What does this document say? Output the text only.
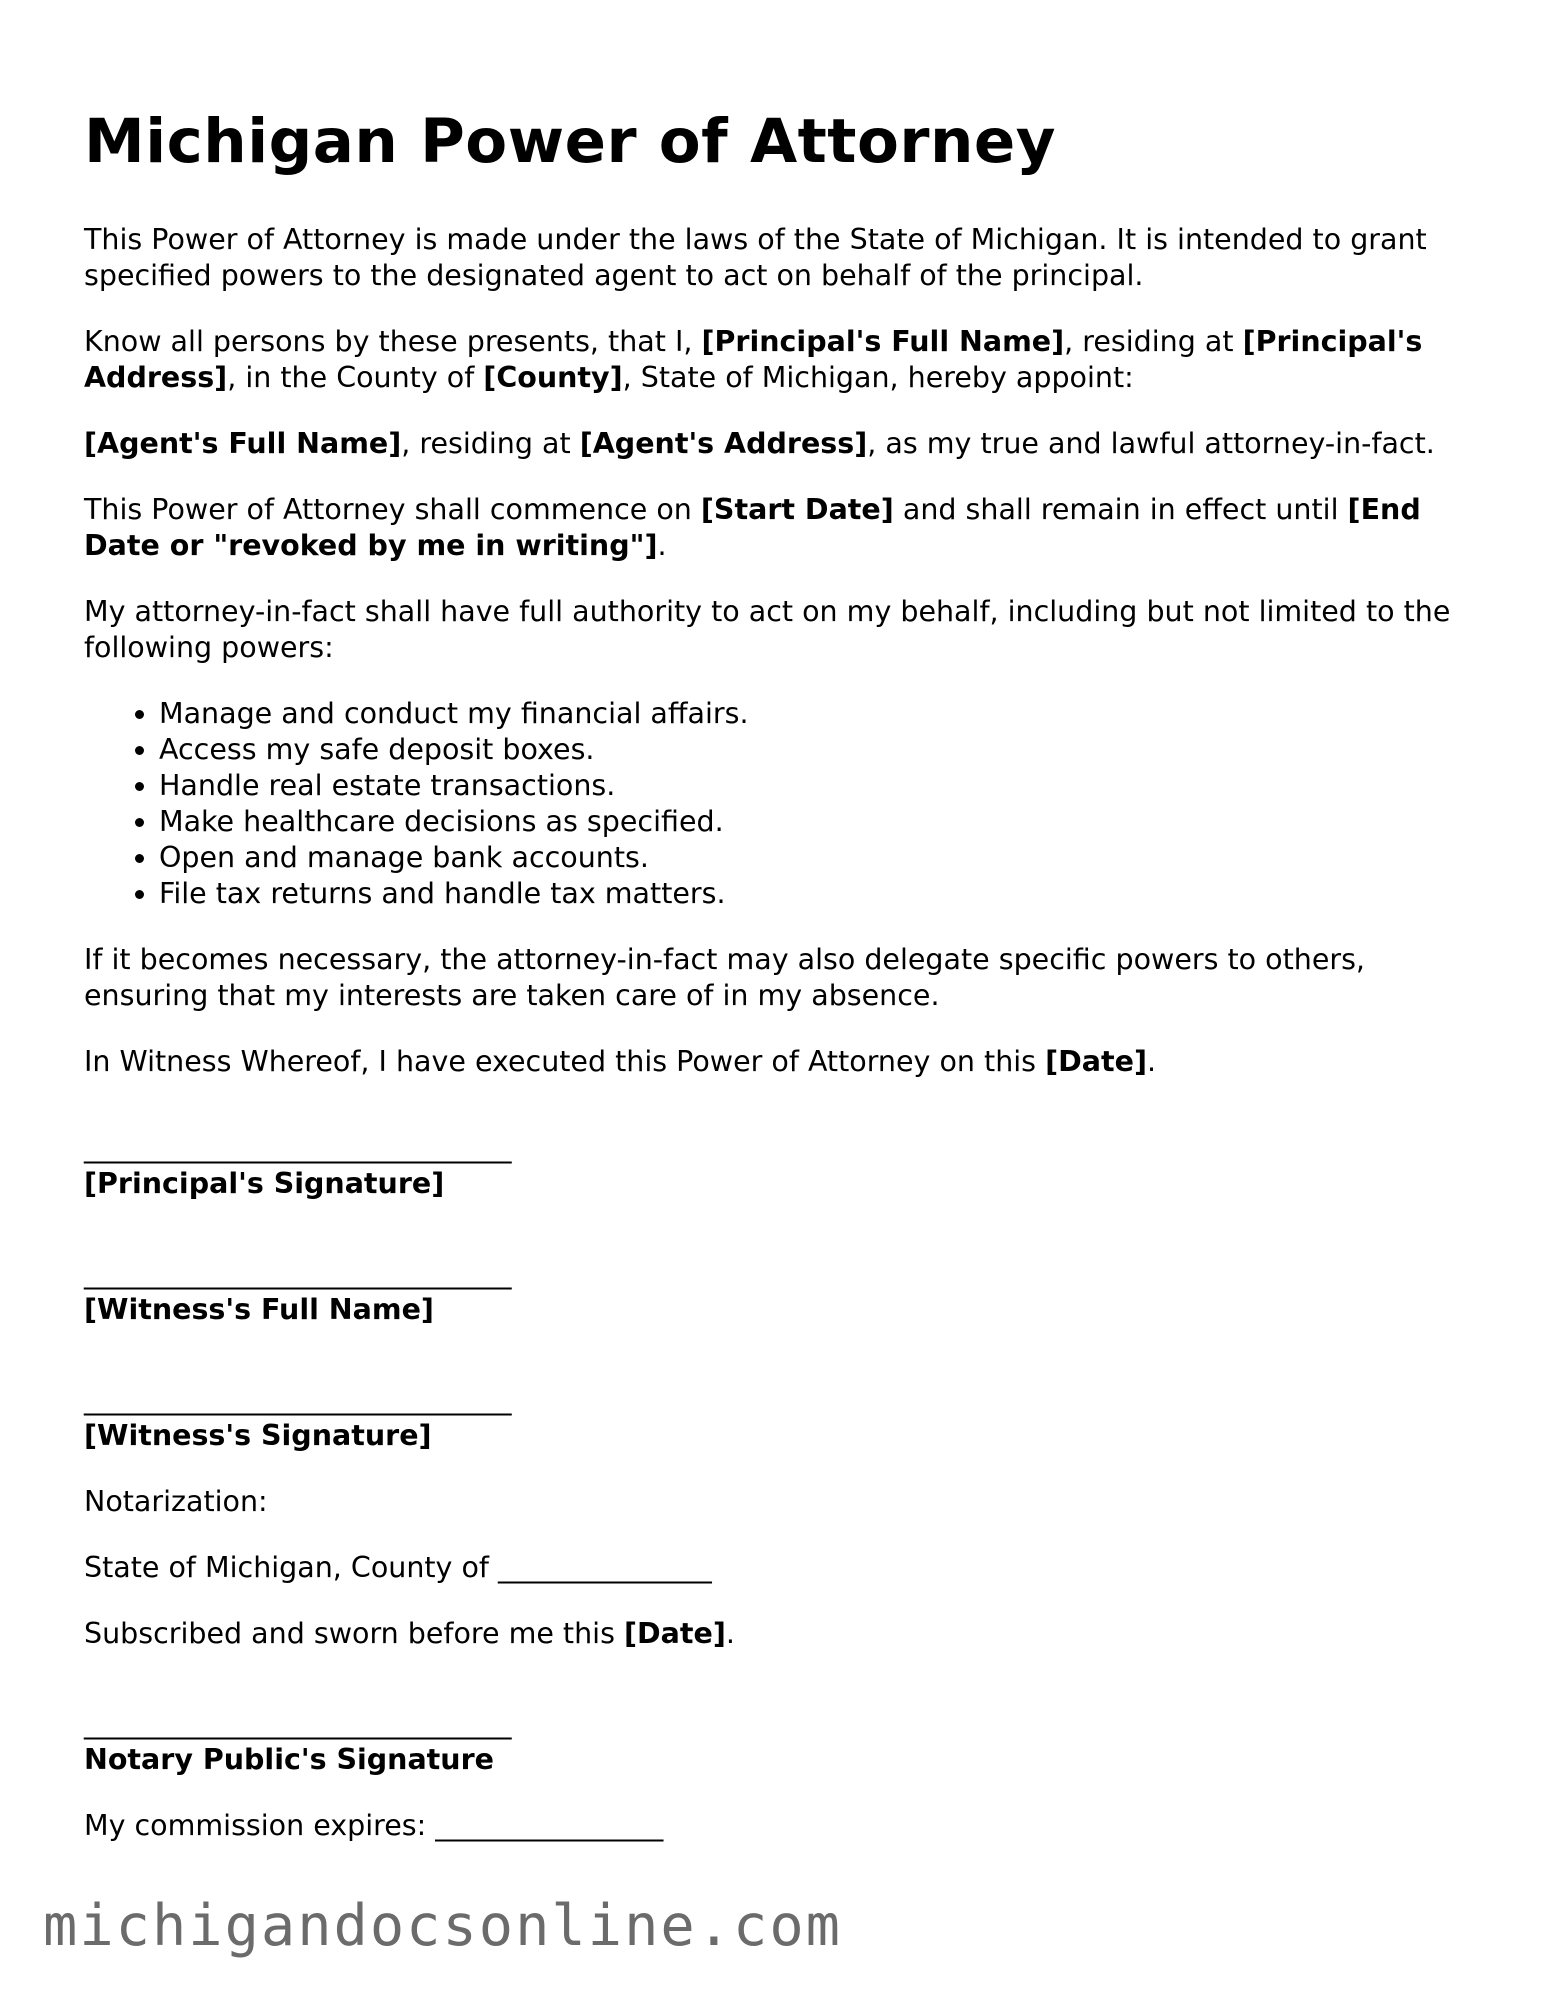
Michigan Power of Attorney

This Power of Attorney is made under the laws of the State of Michigan. It is intended to grant specified powers to the designated agent to act on behalf of the principal.

Know all persons by these presents, that I, [Principal's Full Name], residing at [Principal's Address], in the County of [County], State of Michigan, hereby appoint:

[Agent's Full Name], residing at [Agent's Address], as my true and lawful attorney-in-fact.

This Power of Attorney shall commence on [Start Date] and shall remain in effect until [End Date or "revoked by me in writing"].

My attorney-in-fact shall have full authority to act on my behalf, including but not limited to the following powers:

• Manage and conduct my financial affairs.
• Access my safe deposit boxes.
• Handle real estate transactions.
• Make healthcare decisions as specified.
• Open and manage bank accounts.
• File tax returns and handle tax matters.

If it becomes necessary, the attorney-in-fact may also delegate specific powers to others, ensuring that my interests are taken care of in my absence.

In Witness Whereof, I have executed this Power of Attorney on this [Date].

______________________________
[Principal's Signature]
______________________________
[Witness's Full Name]
______________________________
[Witness's Signature]

Notarization:

State of Michigan, County of _______________

Subscribed and sworn before me this [Date].

______________________________
Notary Public's Signature

My commission expires: ________________

michigandocsonline.com
